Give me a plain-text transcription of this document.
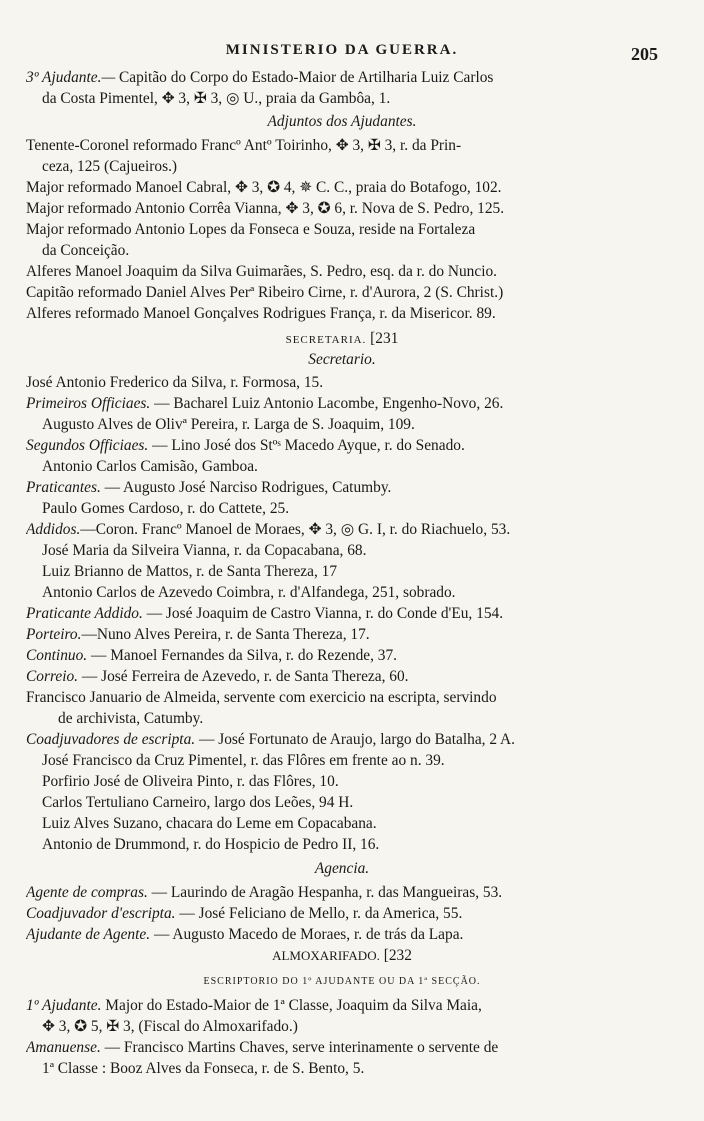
MINISTERIO DA GUERRA.	205
3º Ajudante.— Capitão do Corpo do Estado-Maior de Artilharia Luiz Carlos
da Costa Pimentel, ✥ 3, ✠ 3, ◎ U., praia da Gambôa, 1.
Adjuntos dos Ajudantes.
Tenente-Coronel reformado Francº Antº Toirinho, ✥ 3, ✠ 3, r. da Prin-
ceza, 125 (Cajueiros.)
Major reformado Manoel Cabral, ✥ 3, ✪ 4, ✵ C. C., praia do Botafogo, 102.
Major reformado Antonio Corrêa Vianna, ✥ 3, ✪ 6, r. Nova de S. Pedro, 125.
Major reformado Antonio Lopes da Fonseca e Souza, reside na Fortaleza
da Conceição.
Alferes Manoel Joaquim da Silva Guimarães, S. Pedro, esq. da r. do Nuncio.
Capitão reformado Daniel Alves Perª Ribeiro Cirne, r. d'Aurora, 2 (S. Christ.)
Alferes reformado Manoel Gonçalves Rodrigues França, r. da Misericor. 89.
SECRETARIA. [231
Secretario.
José Antonio Frederico da Silva, r. Formosa, 15.
Primeiros Officiaes. — Bacharel Luiz Antonio Lacombe, Engenho-Novo, 26.
Augusto Alves de Olivª Pereira, r. Larga de S. Joaquim, 109.
Segundos Officiaes. — Lino José dos Stºˢ Macedo Ayque, r. do Senado.
Antonio Carlos Camisão, Gamboa.
Praticantes. — Augusto José Narciso Rodrigues, Catumby.
Paulo Gomes Cardoso, r. do Cattete, 25.
Addidos.—Coron. Francº Manoel de Moraes, ✥ 3, ◎ G. I, r. do Riachuelo, 53.
José Maria da Silveira Vianna, r. da Copacabana, 68.
Luiz Brianno de Mattos, r. de Santa Thereza, 17
Antonio Carlos de Azevedo Coimbra, r. d'Alfandega, 251, sobrado.
Praticante Addido. — José Joaquim de Castro Vianna, r. do Conde d'Eu, 154.
Porteiro.—Nuno Alves Pereira, r. de Santa Thereza, 17.
Continuo. — Manoel Fernandes da Silva, r. do Rezende, 37.
Correio. — José Ferreira de Azevedo, r. de Santa Thereza, 60.
Francisco Januario de Almeida, servente com exercicio na escripta, servindo
de archivista, Catumby.
Coadjuvadores de escripta. — José Fortunato de Araujo, largo do Batalha, 2 A.
José Francisco da Cruz Pimentel, r. das Flôres em frente ao n. 39.
Porfirio José de Oliveira Pinto, r. das Flôres, 10.
Carlos Tertuliano Carneiro, largo dos Leões, 94 H.
Luiz Alves Suzano, chacara do Leme em Copacabana.
Antonio de Drummond, r. do Hospicio de Pedro II, 16.
Agencia.
Agente de compras. — Laurindo de Aragão Hespanha, r. das Mangueiras, 53.
Coadjuvador d'escripta. — José Feliciano de Mello, r. da America, 55.
Ajudante de Agente. — Augusto Macedo de Moraes, r. de trás da Lapa.
ALMOXARIFADO. [232
ESCRIPTORIO DO 1º AJUDANTE OU DA 1ª SECÇÃO.
1º Ajudante. Major do Estado-Maior de 1ª Classe, Joaquim da Silva Maia,
✥ 3, ✪ 5, ✠ 3, (Fiscal do Almoxarifado.)
Amanuense. — Francisco Martins Chaves, serve interinamente o servente de
1ª Classe : Booz Alves da Fonseca, r. de S. Bento, 5.
